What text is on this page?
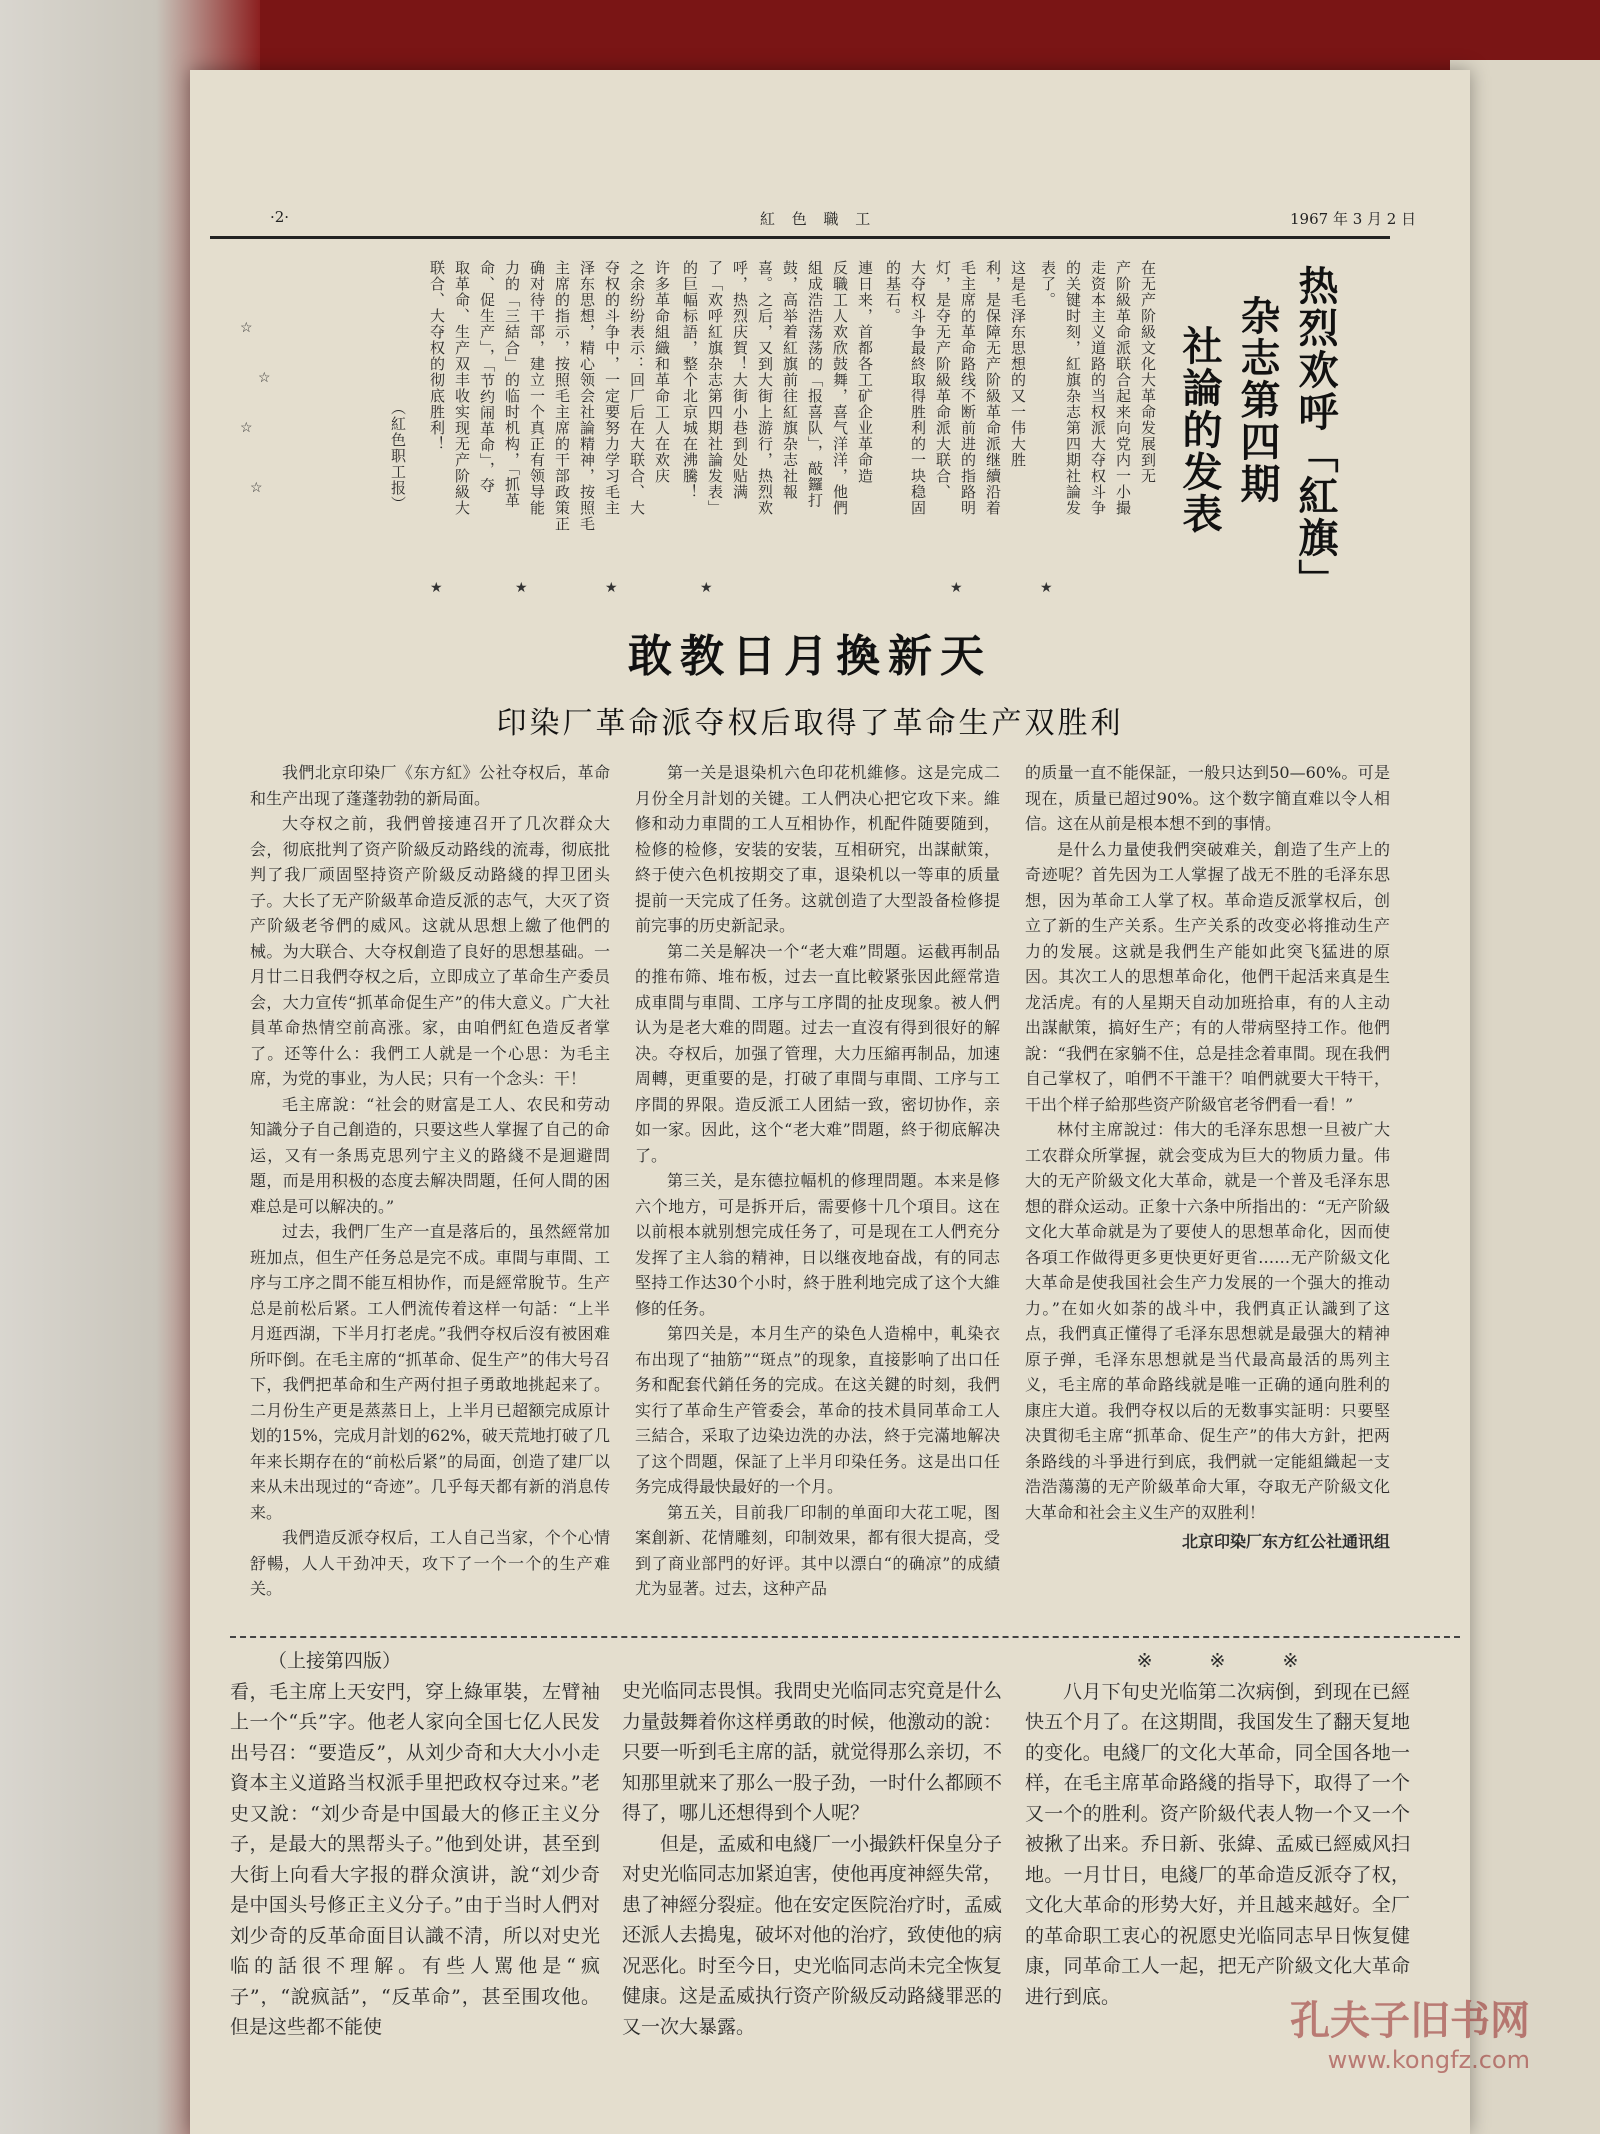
·2·	紅 色 職 工	1967 年 3 月 2 日
热烈欢呼「紅旗」
杂志第四期
社論的发表
在无产阶級文化大革命发展到无
产阶級革命派联合起来向党内一小撮
走资本主义道路的当权派大夺权斗争
的关键时刻，紅旗杂志第四期社論发
表了。
这是毛泽东思想的又一伟大胜
利，是保障无产阶級革命派继續沿着
毛主席的革命路线不断前进的指路明
灯，是夺无产阶級革命派大联合、
大夺权斗争最終取得胜利的一块稳固
的基石。
連日来，首都各工矿企业革命造
反職工人欢欣鼓舞，喜气洋洋，他們
組成浩浩荡荡的「报喜队」，敲鑼打
鼓，高举着紅旗前往紅旗杂志社報
喜。之后，又到大街上游行，热烈欢
呼，热烈庆賀！大街小巷到处贴满
了「欢呼紅旗杂志第四期社論发表」
的巨幅标語，整个北京城在沸騰！
许多革命組織和革命工人在欢庆
之余纷纷表示：回厂后在大联合、大
夺权的斗争中，一定要努力学习毛主
泽东思想，精心领会社論精神，按照毛
主席的指示，按照毛主席的干部政策正
确对待干部，建立一个真正有领导能
力的「三結合」的临时机构，「抓革
命、促生产」，「节约闹革命」，夺
取革命、生产双丰收实现无产阶級大
联合、大夺权的彻底胜利！
（紅色职工报）
☆
☆
☆
☆
★	★	★	★	★	★
敢教日月換新天
印染厂革命派夺权后取得了革命生产双胜利

我們北京印染厂《东方紅》公社夺权后，革命和生产出现了蓬蓬勃勃的新局面。

大夺权之前，我們曾接連召开了几次群众大会，彻底批判了资产阶級反动路线的流毒，彻底批判了我厂顽固堅持资产阶級反动路綫的捍卫团头子。大长了无产阶級革命造反派的志气，大灭了资产阶級老爷們的威风。这就从思想上繳了他們的械。为大联合、大夺权創造了良好的思想基础。一月廿二日我們夺权之后，立即成立了革命生产委员会，大力宣传“抓革命促生产”的伟大意义。广大社員革命热情空前高涨。家，由咱們紅色造反者掌了。还等什么：我們工人就是一个心思：为毛主席，为党的事业，为人民；只有一个念头：干！

毛主席說：“社会的财富是工人、农民和劳动知識分子自己創造的，只要这些人掌握了自己的命运，又有一条馬克思列宁主义的路綫不是迴避問題，而是用积极的态度去解决問題，任何人間的困难总是可以解决的。”

过去，我們厂生产一直是落后的，虽然經常加班加点，但生产任务总是完不成。車間与車間、工序与工序之間不能互相协作，而是經常脫节。生产总是前松后紧。工人們流传着这样一句話：“上半月逛西湖，下半月打老虎。”我們夺权后沒有被困难所吓倒。在毛主席的“抓革命、促生产”的伟大号召下，我們把革命和生产两付担子勇敢地挑起来了。二月份生产更是蒸蒸日上，上半月已超额完成原计划的15%，完成月計划的62%，破天荒地打破了几年来长期存在的“前松后紧”的局面，创造了建厂以来从未出现过的“奇迹”。几乎每天都有新的消息传来。

我們造反派夺权后，工人自己当家，个个心情舒暢，人人干劲冲天，攻下了一个一个的生产难关。

第一关是退染机六色印花机維修。这是完成二月份全月計划的关键。工人們决心把它攻下来。維修和动力車間的工人互相协作，机配件随要随到，检修的检修，安装的安装，互相研究，出謀献策，終于使六色机按期交了車，退染机以一等車的质量提前一天完成了任务。这就创造了大型設备检修提前完事的历史新記录。

第二关是解决一个“老大难”問題。运截再制品的推布筛、堆布板，过去一直比較紧张因此經常造成車間与車間、工序与工序間的扯皮现象。被人們认为是老大难的問題。过去一直沒有得到很好的解决。夺权后，加强了管理，大力压縮再制品，加速周轉，更重要的是，打破了車間与車間、工序与工序間的界限。造反派工人团結一致，密切协作，亲如一家。因此，这个“老大难”問題，終于彻底解决了。

第三关，是东德拉幅机的修理問題。本来是修六个地方，可是拆开后，需要修十几个項目。这在以前根本就别想完成任务了，可是现在工人們充分发挥了主人翁的精神，日以继夜地奋战，有的同志堅持工作达30个小时，終于胜利地完成了这个大維修的任务。

第四关是，本月生产的染色人造棉中，軋染衣布出现了“抽筋”“斑点”的现象，直接影响了出口任务和配套代銷任务的完成。在这关鍵的时刻，我們实行了革命生产管委会，革命的技术員同革命工人三結合，采取了边染边洗的办法，終于完滿地解决了这个問題，保証了上半月印染任务。这是出口任务完成得最快最好的一个月。

第五关，目前我厂印制的单面印大花工呢，图案創新、花情雕刻，印制效果，都有很大提高，受到了商业部門的好评。其中以漂白“的确凉”的成績尤为显著。过去，这种产品

的质量一直不能保証，一般只达到50—60%。可是现在，质量已超过90%。这个数字簡直难以令人相信。这在从前是根本想不到的事情。

是什么力量使我們突破难关，創造了生产上的奇迹呢？首先因为工人掌握了战无不胜的毛泽东思想，因为革命工人掌了权。革命造反派掌权后，创立了新的生产关系。生产关系的改变必将推动生产力的发展。这就是我們生产能如此突飞猛进的原因。其次工人的思想革命化，他們干起活来真是生龙活虎。有的人星期天自动加班拾車，有的人主动出謀献策，搞好生产；有的人带病堅持工作。他們說：“我們在家躺不住，总是挂念着車間。现在我們自己掌权了，咱們不干誰干？咱們就要大干特干，干出个样子給那些资产阶級官老爷們看一看！”

林付主席說过：伟大的毛泽东思想一旦被广大工农群众所掌握，就会变成为巨大的物质力量。伟大的无产阶級文化大革命，就是一个普及毛泽东思想的群众运动。正象十六条中所指出的：“无产阶級文化大革命就是为了要使人的思想革命化，因而使各項工作做得更多更快更好更省……无产阶級文化大革命是使我国社会生产力发展的一个强大的推动力。”在如火如荼的战斗中，我們真正认識到了这点，我們真正懂得了毛泽东思想就是最强大的精神原子弹，毛泽东思想就是当代最高最活的馬列主义，毛主席的革命路线就是唯一正确的通向胜利的康庄大道。我們夺权以后的无数事实証明：只要堅决貫彻毛主席“抓革命、促生产”的伟大方針，把两条路线的斗爭进行到底，我們就一定能組織起一支浩浩蕩蕩的无产阶級革命大軍，夺取无产阶級文化大革命和社会主义生产的双胜利！

北京印染厂东方红公社通讯组

（上接第四版）

看，毛主席上天安門，穿上綠軍裝，左臂袖上一个“兵”字。他老人家向全国七亿人民发出号召：“要造反”，从刘少奇和大大小小走資本主义道路当权派手里把政权夺过来。”老史又說：“刘少奇是中国最大的修正主义分子，是最大的黑帮头子。”他到处讲，甚至到大街上向看大字报的群众演讲，說“刘少奇是中国头号修正主义分子。”由于当时人們对刘少奇的反革命面目认識不清，所以对史光临的話很不理解。有些人駡他是“疯子”，“說疯話”，“反革命”，甚至围攻他。但是这些都不能使

史光临同志畏惧。我問史光临同志究竟是什么力量鼓舞着你这样勇敢的时候，他激动的說：只要一听到毛主席的話，就觉得那么亲切，不知那里就来了那么一股子劲，一时什么都顾不得了，哪儿还想得到个人呢？

但是，孟威和电綫厂一小撮鉄杆保皇分子对史光临同志加紧迫害，使他再度神經失常，患了神經分裂症。他在安定医院治疗时，孟威还派人去搗鬼，破坏对他的治疗，致使他的病况恶化。时至今日，史光临同志尚未完全恢复健康。这是孟威执行资产阶級反动路綫罪恶的又一次大暴露。

※　　　※　　　※

八月下旬史光临第二次病倒，到现在已經快五个月了。在这期間，我国发生了翻天复地的变化。电綫厂的文化大革命，同全国各地一样，在毛主席革命路綫的指导下，取得了一个又一个的胜利。资产阶級代表人物一个又一个被揪了出来。乔日新、张緯、孟威已經威风扫地。一月廿日，电綫厂的革命造反派夺了权，文化大革命的形势大好，并且越来越好。全厂的革命职工衷心的祝愿史光临同志早日恢复健康，同革命工人一起，把无产阶級文化大革命进行到底。

孔夫子旧书网
www.kongfz.com
